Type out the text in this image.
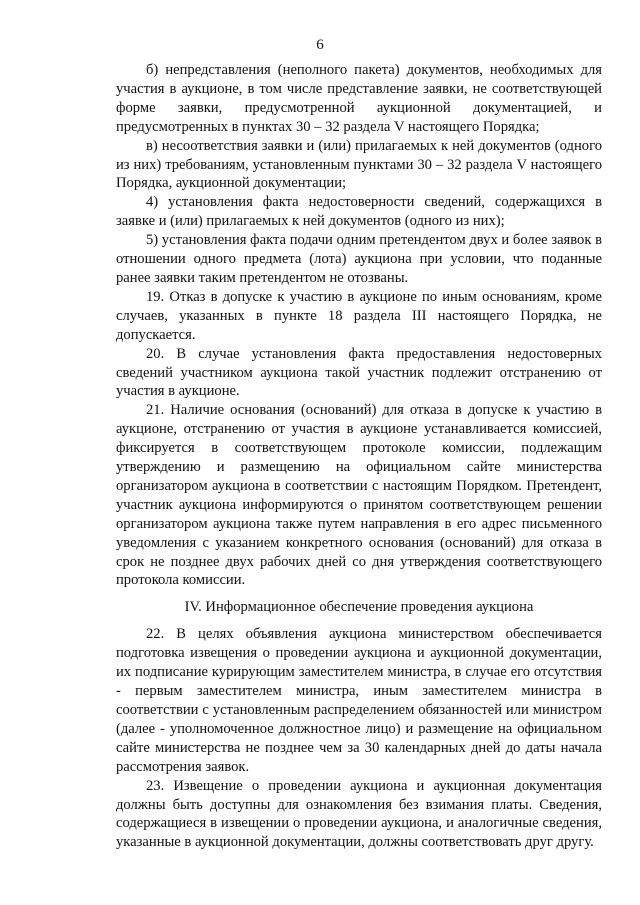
6

б) непредставления (неполного пакета) документов, необходимых для участия в аукционе, в том числе представление заявки, не соответствующей форме заявки, предусмотренной аукционной документацией, и предусмотренных в пунктах 30 – 32 раздела V настоящего Порядка;

в) несоответствия заявки и (или) прилагаемых к ней документов (одного из них) требованиям, установленным пунктами 30 – 32 раздела V настоящего Порядка, аукционной документации;

4) установления факта недостоверности сведений, содержащихся в заявке и (или) прилагаемых к ней документов (одного из них);

5) установления факта подачи одним претендентом двух и более заявок в отношении одного предмета (лота) аукциона при условии, что поданные ранее заявки таким претендентом не отозваны.

19. Отказ в допуске к участию в аукционе по иным основаниям, кроме случаев, указанных в пункте 18 раздела III настоящего Порядка, не допускается.

20. В случае установления факта предоставления недостоверных сведений участником аукциона такой участник подлежит отстранению от участия в аукционе.

21. Наличие основания (оснований) для отказа в допуске к участию в аукционе, отстранению от участия в аукционе устанавливается комиссией, фиксируется в соответствующем протоколе комиссии, подлежащим утверждению и размещению на официальном сайте министерства организатором аукциона в соответствии с настоящим Порядком. Претендент, участник аукциона информируются о принятом соответствующем решении организатором аукциона также путем направления в его адрес письменного уведомления с указанием конкретного основания (оснований) для отказа в срок не позднее двух рабочих дней со дня утверждения соответствующего протокола комиссии.

IV. Информационное обеспечение проведения аукциона

22. В целях объявления аукциона министерством обеспечивается подготовка извещения о проведении аукциона и аукционной документации, их подписание курирующим заместителем министра, в случае его отсутствия - первым заместителем министра, иным заместителем министра в соответствии с установленным распределением обязанностей или министром (далее - уполномоченное должностное лицо) и размещение на официальном сайте министерства не позднее чем за 30 календарных дней до даты начала рассмотрения заявок.

23. Извещение о проведении аукциона и аукционная документация должны быть доступны для ознакомления без взимания платы. Сведения, содержащиеся в извещении о проведении аукциона, и аналогичные сведения, указанные в аукционной документации, должны соответствовать друг другу.
